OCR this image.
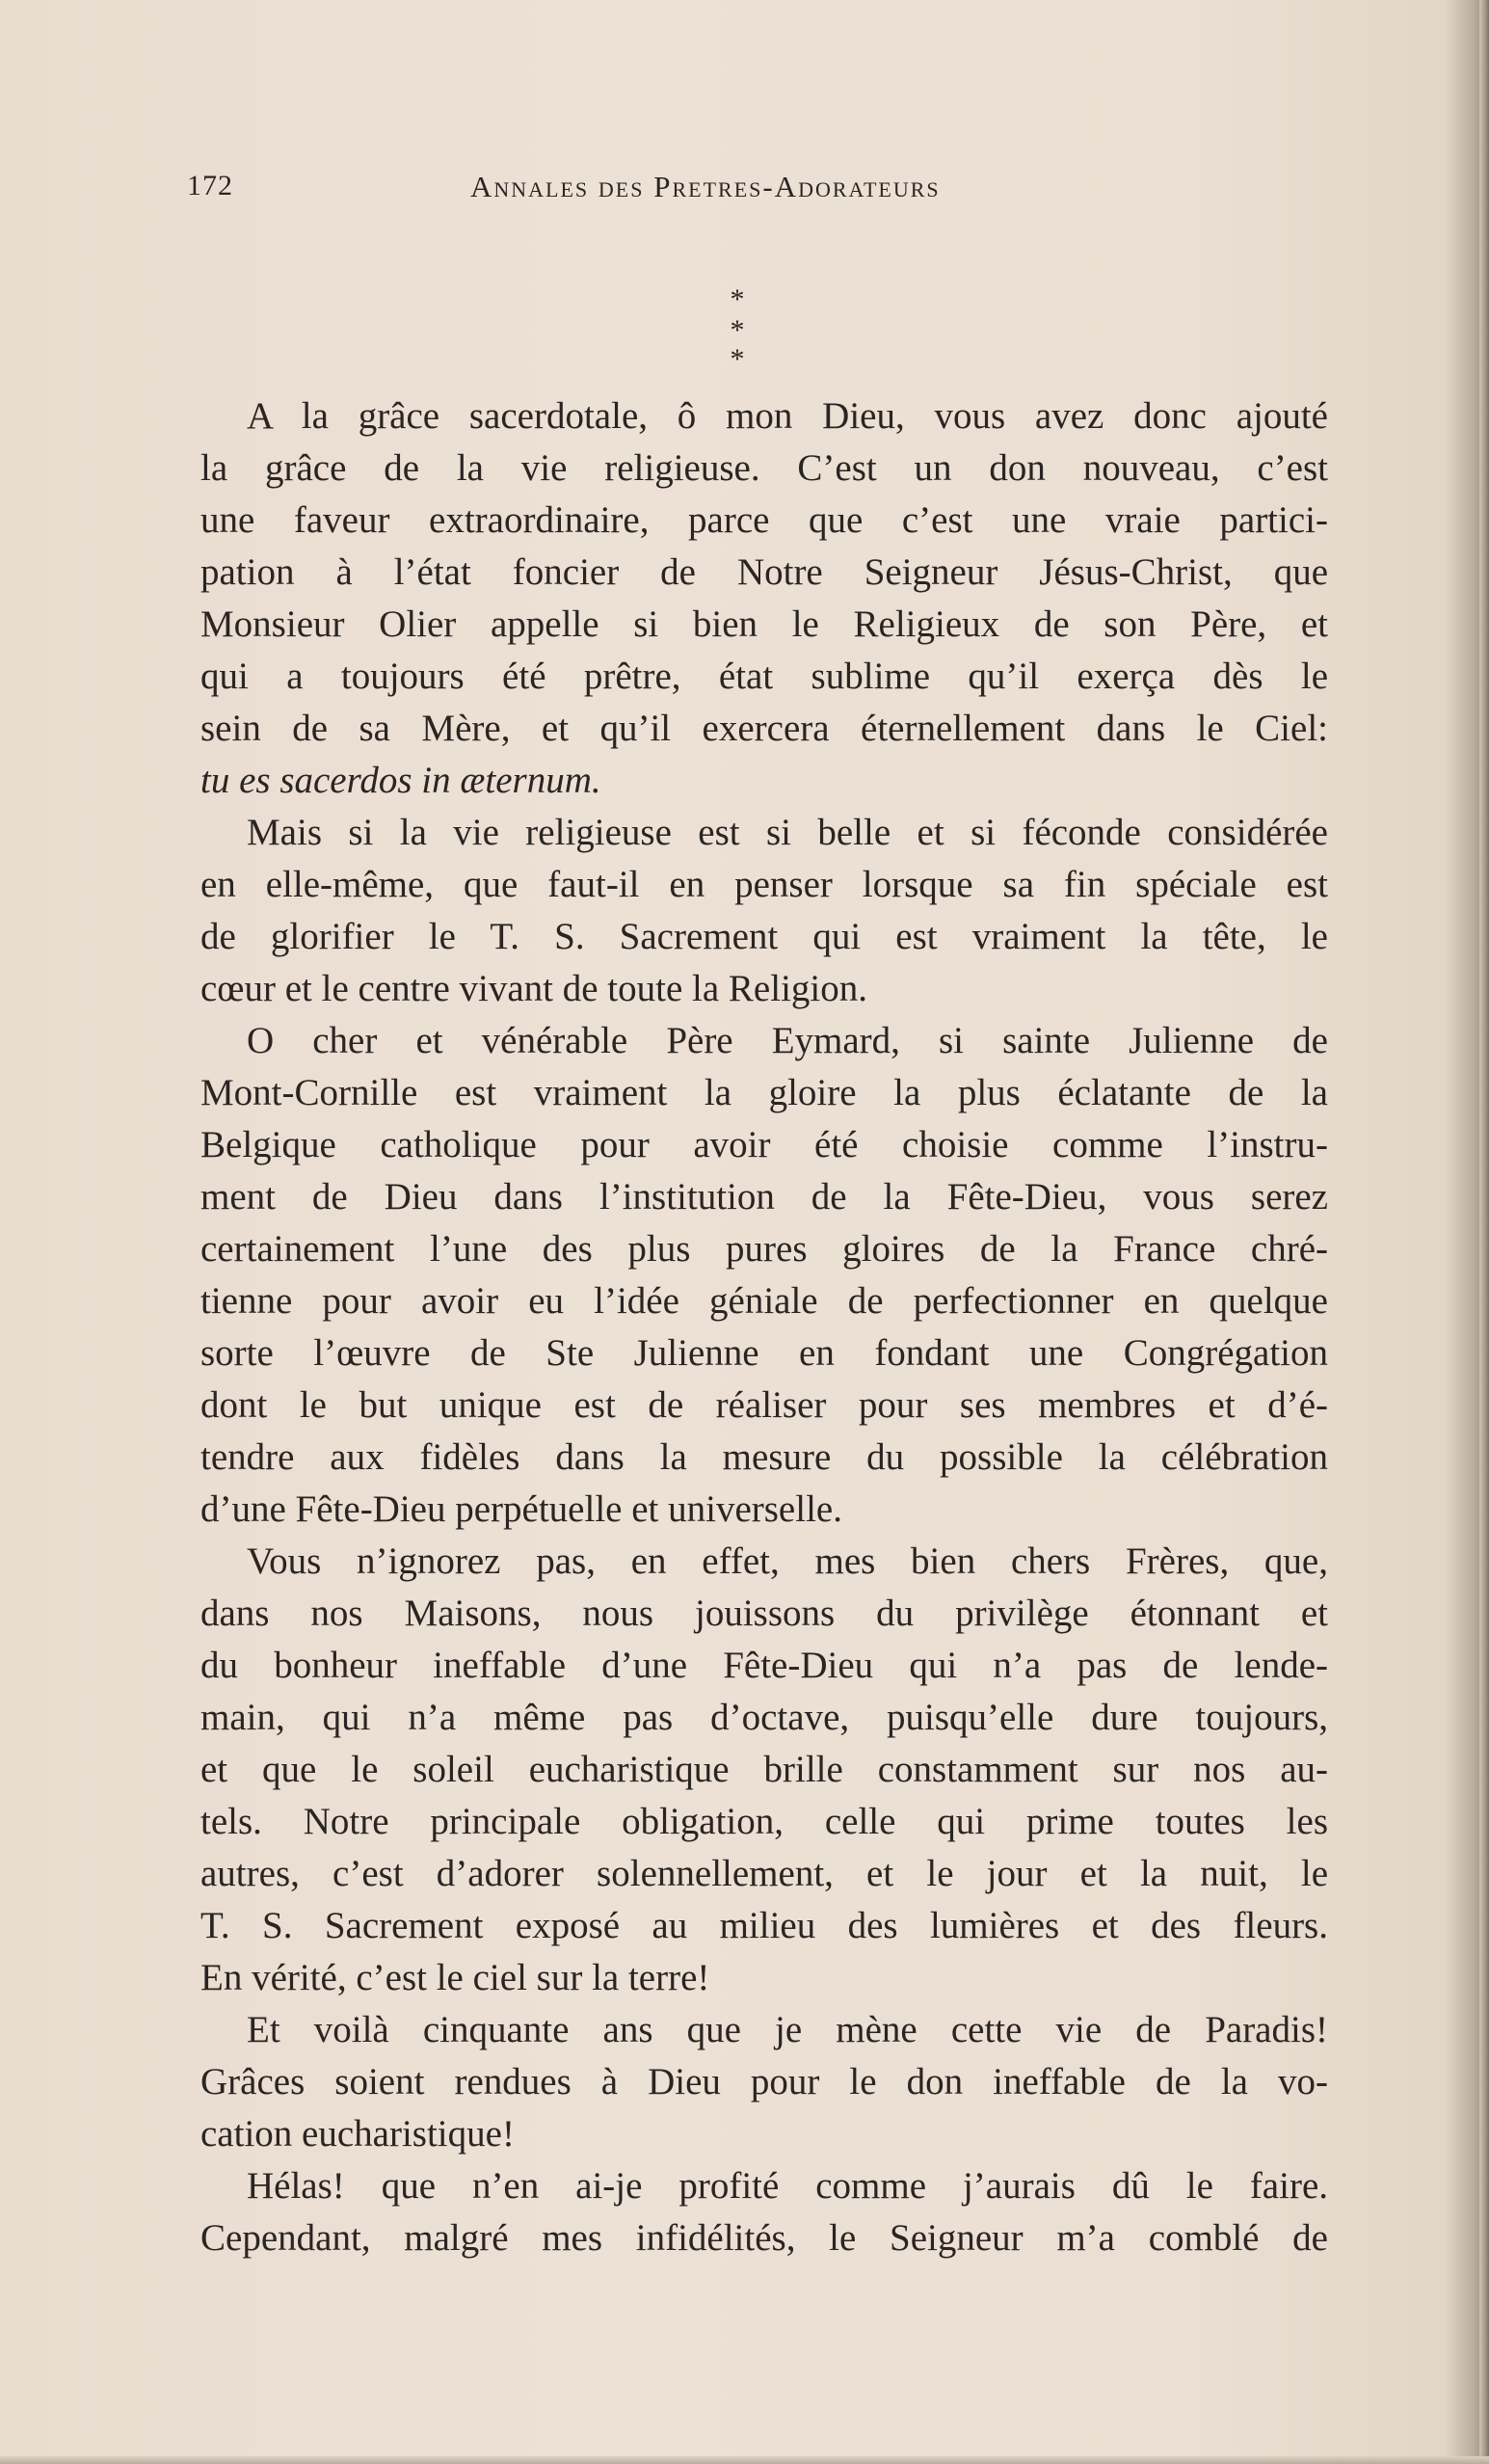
172	Annales des Pretres-Adorateurs
*
* *
A la grâce sacerdotale, ô mon Dieu, vous avez donc ajouté
la grâce de la vie religieuse. C’est un don nouveau, c’est
une faveur extraordinaire, parce que c’est une vraie partici-
pation à l’état foncier de Notre Seigneur Jésus-Christ, que
Monsieur Olier appelle si bien le Religieux de son Père, et
qui a toujours été prêtre, état sublime qu’il exerça dès le
sein de sa Mère, et qu’il exercera éternellement dans le Ciel:
tu es sacerdos in æternum.
Mais si la vie religieuse est si belle et si féconde considérée
en elle-même, que faut-il en penser lorsque sa fin spéciale est
de glorifier le T. S. Sacrement qui est vraiment la tête, le
cœur et le centre vivant de toute la Religion.
O cher et vénérable Père Eymard, si sainte Julienne de
Mont-Cornille est vraiment la gloire la plus éclatante de la
Belgique catholique pour avoir été choisie comme l’instru-
ment de Dieu dans l’institution de la Fête-Dieu, vous serez
certainement l’une des plus pures gloires de la France chré-
tienne pour avoir eu l’idée géniale de perfectionner en quelque
sorte l’œuvre de Ste Julienne en fondant une Congrégation
dont le but unique est de réaliser pour ses membres et d’é-
tendre aux fidèles dans la mesure du possible la célébration
d’une Fête-Dieu perpétuelle et universelle.
Vous n’ignorez pas, en effet, mes bien chers Frères, que,
dans nos Maisons, nous jouissons du privilège étonnant et
du bonheur ineffable d’une Fête-Dieu qui n’a pas de lende-
main, qui n’a même pas d’octave, puisqu’elle dure toujours,
et que le soleil eucharistique brille constamment sur nos au-
tels. Notre principale obligation, celle qui prime toutes les
autres, c’est d’adorer solennellement, et le jour et la nuit, le
T. S. Sacrement exposé au milieu des lumières et des fleurs.
En vérité, c’est le ciel sur la terre!
Et voilà cinquante ans que je mène cette vie de Paradis!
Grâces soient rendues à Dieu pour le don ineffable de la vo-
cation eucharistique!
Hélas! que n’en ai-je profité comme j’aurais dû le faire.
Cependant, malgré mes infidélités, le Seigneur m’a comblé de
